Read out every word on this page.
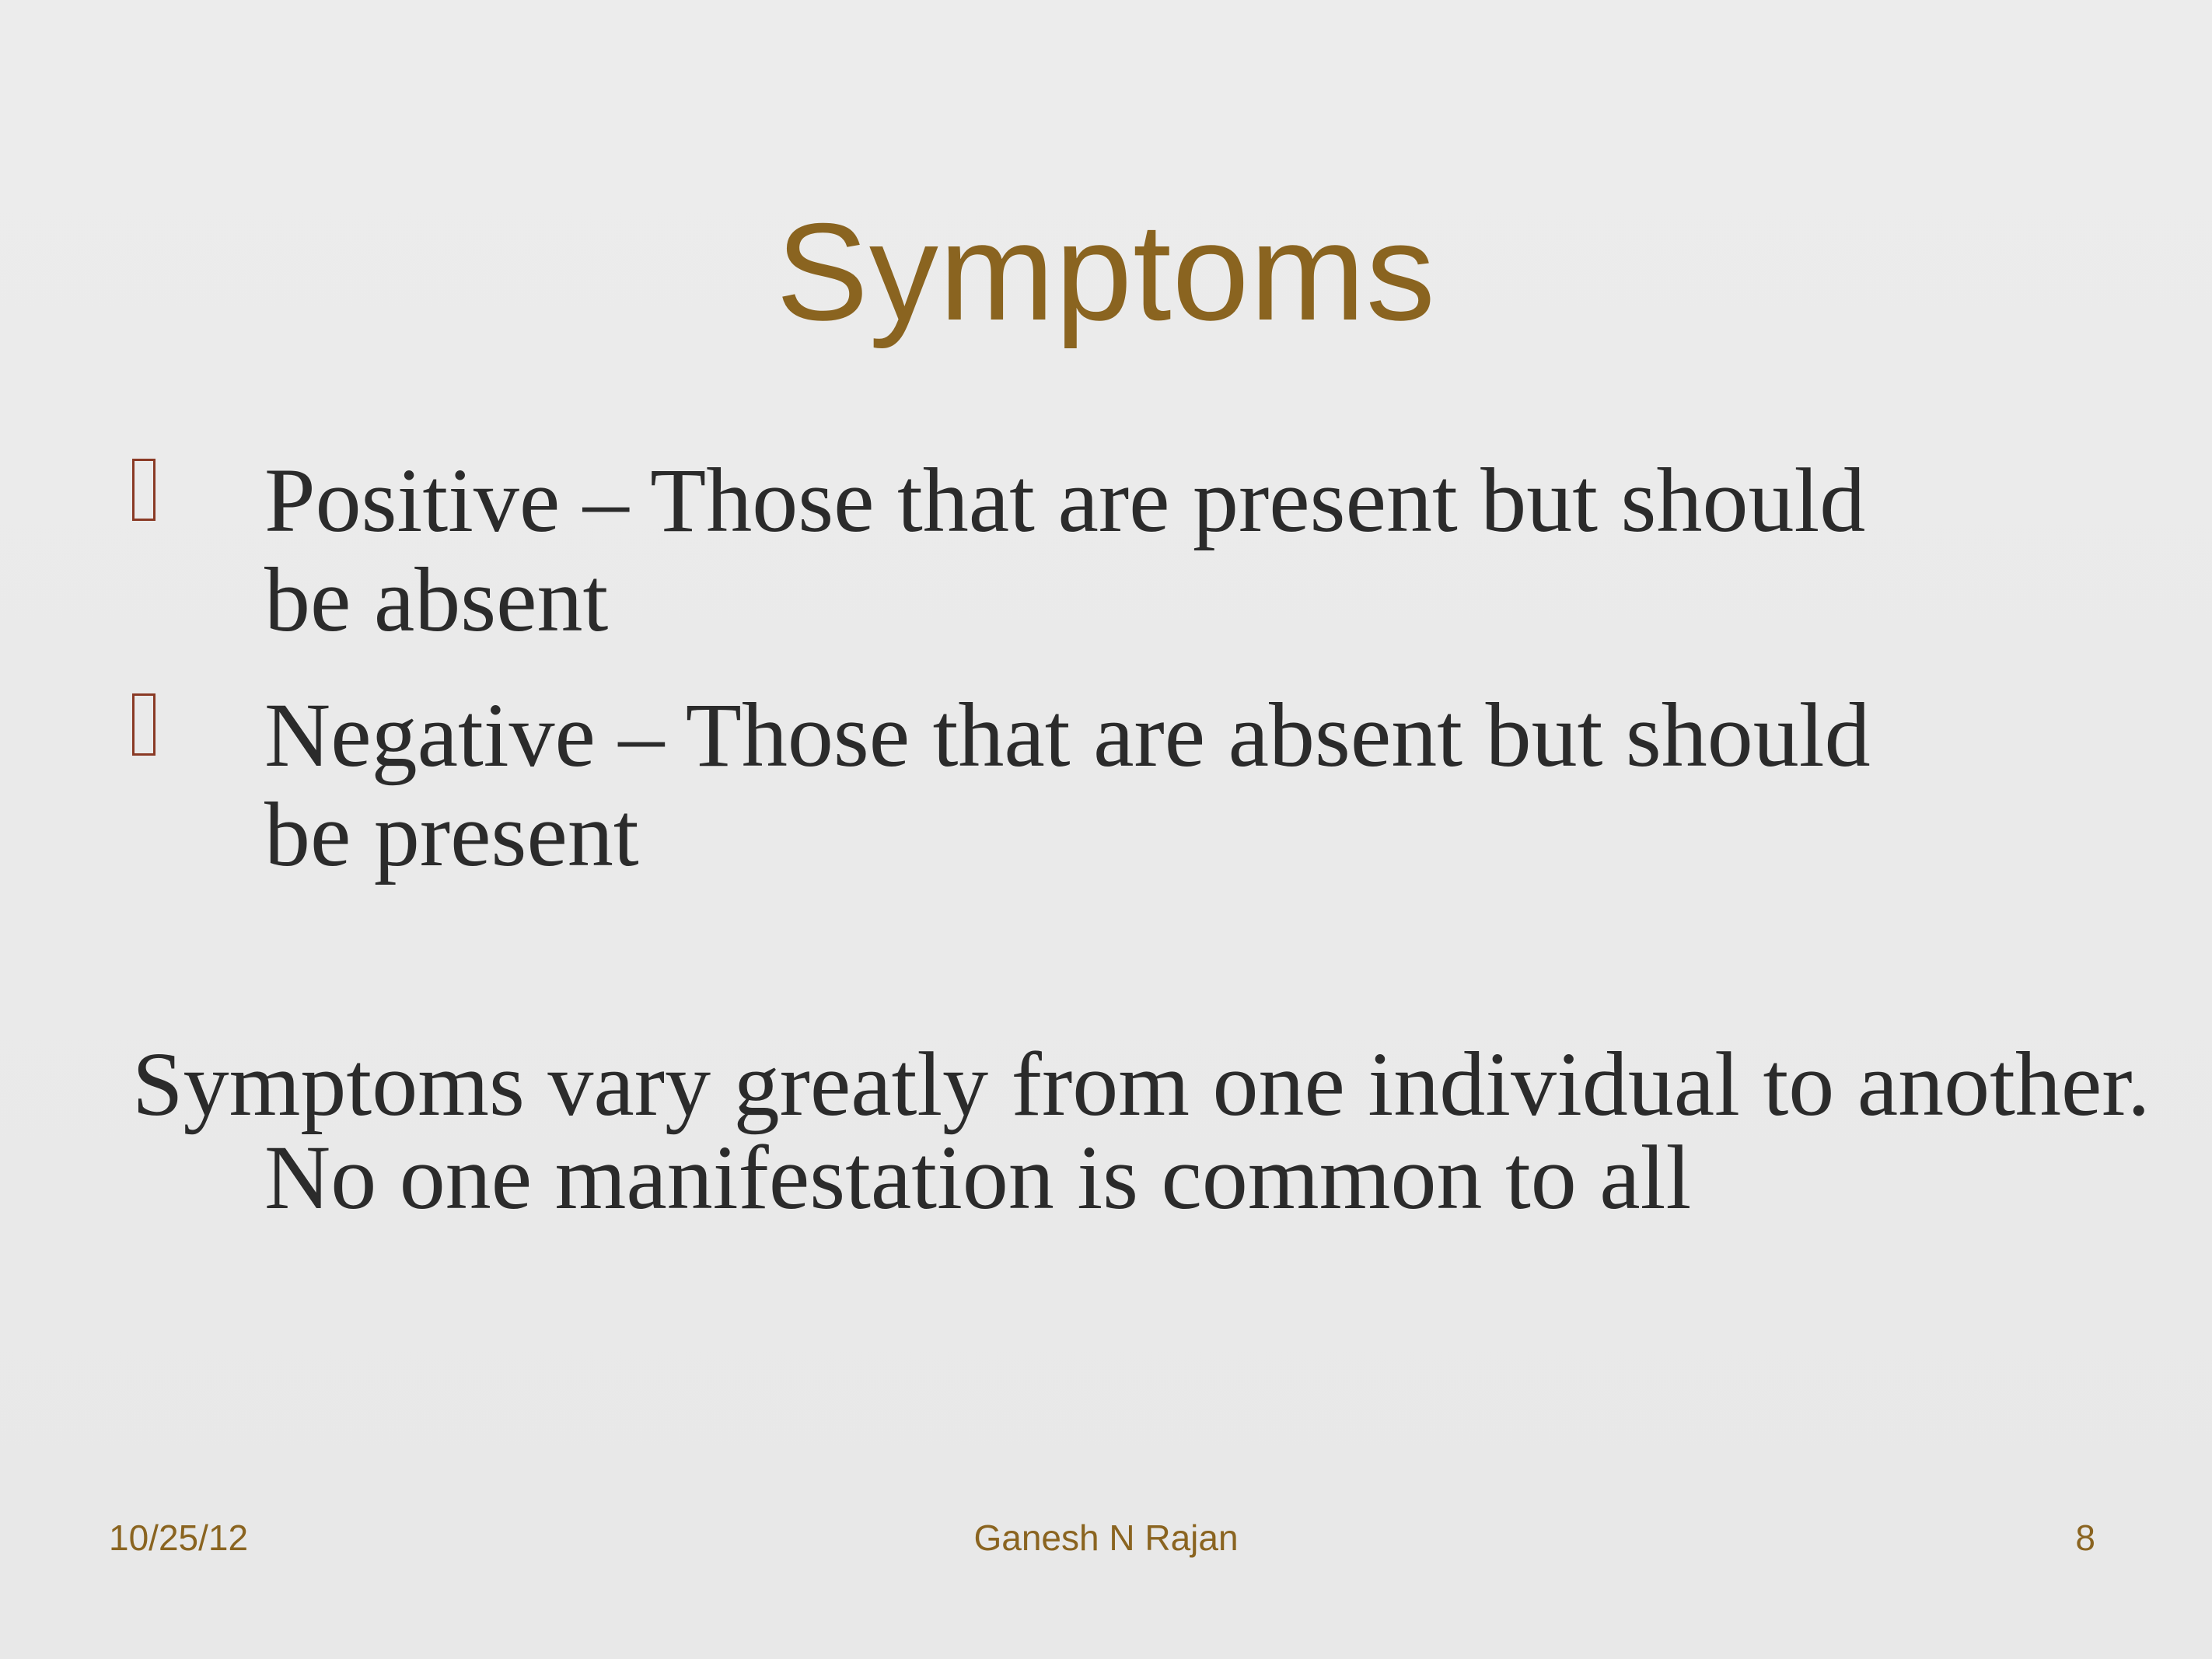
Symptoms
Positive – Those that are present but should be absent
Negative – Those that are absent but should be present
Symptoms vary greatly from one individual to another. No one manifestation is common to all
10/25/12	Ganesh N Rajan	8
